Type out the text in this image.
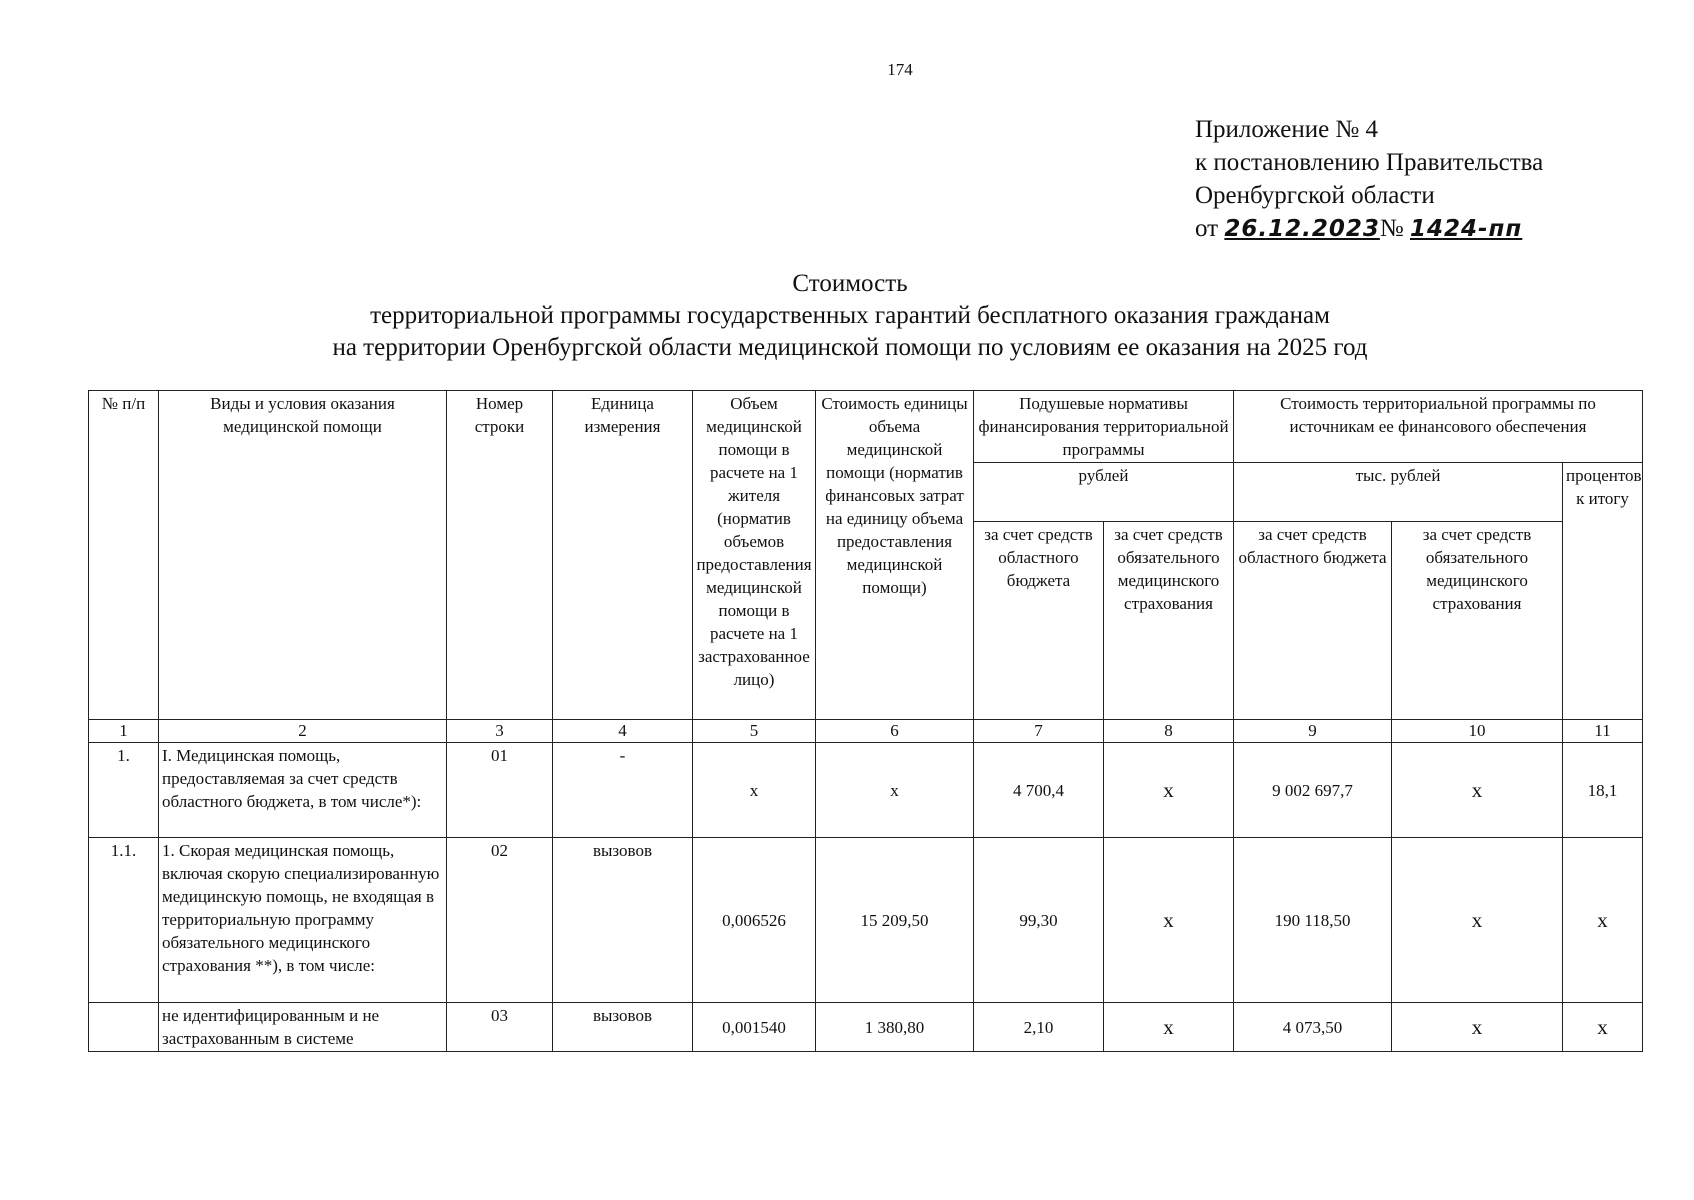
174
Приложение № 4
к постановлению Правительства
Оренбургской области
от 26.12.2023№ 1424-пп
Стоимость
территориальной программы государственных гарантий бесплатного оказания гражданам
на территории Оренбургской области медицинской помощи по условиям ее оказания на 2025 год
№ п/п	Виды и условия оказания медицинской помощи	Номер строки	Единица измерения	Объем медицинской помощи в расчете на 1 жителя (норматив объемов предоставления медицинской помощи в расчете на 1 застрахованное лицо)	Стоимость единицы объема медицинской помощи (норматив финансовых затрат на единицу объема предоставления медицинской помощи)	Подушевые нормативы финансирования территориальной программы		Стоимость территориальной программы по источникам ее финансового обеспечения		
						рублей		тыс. рублей		процентов к итогу
						за счет средств областного бюджета	за счет средств обязательного медицинского страхования	за счет средств областного бюджета	за счет средств обязательного медицинского страхования	
1	2	3	4	5	6	7	8	9	10	11
1.	I. Медицинская помощь, предоставляемая за счет средств областного бюджета, в том числе*):	01	-	x	x	4 700,4	x	9 002 697,7	x	18,1
1.1.	1. Скорая медицинская помощь, включая скорую специализированную медицинскую помощь, не входящая в территориальную программу обязательного медицинского страхования **), в том числе:	02	вызовов	0,006526	15 209,50	99,30	x	190 118,50	x	x
	не идентифицированным и не застрахованным в системе	03	вызовов	0,001540	1 380,80	2,10	x	4 073,50	x	x
